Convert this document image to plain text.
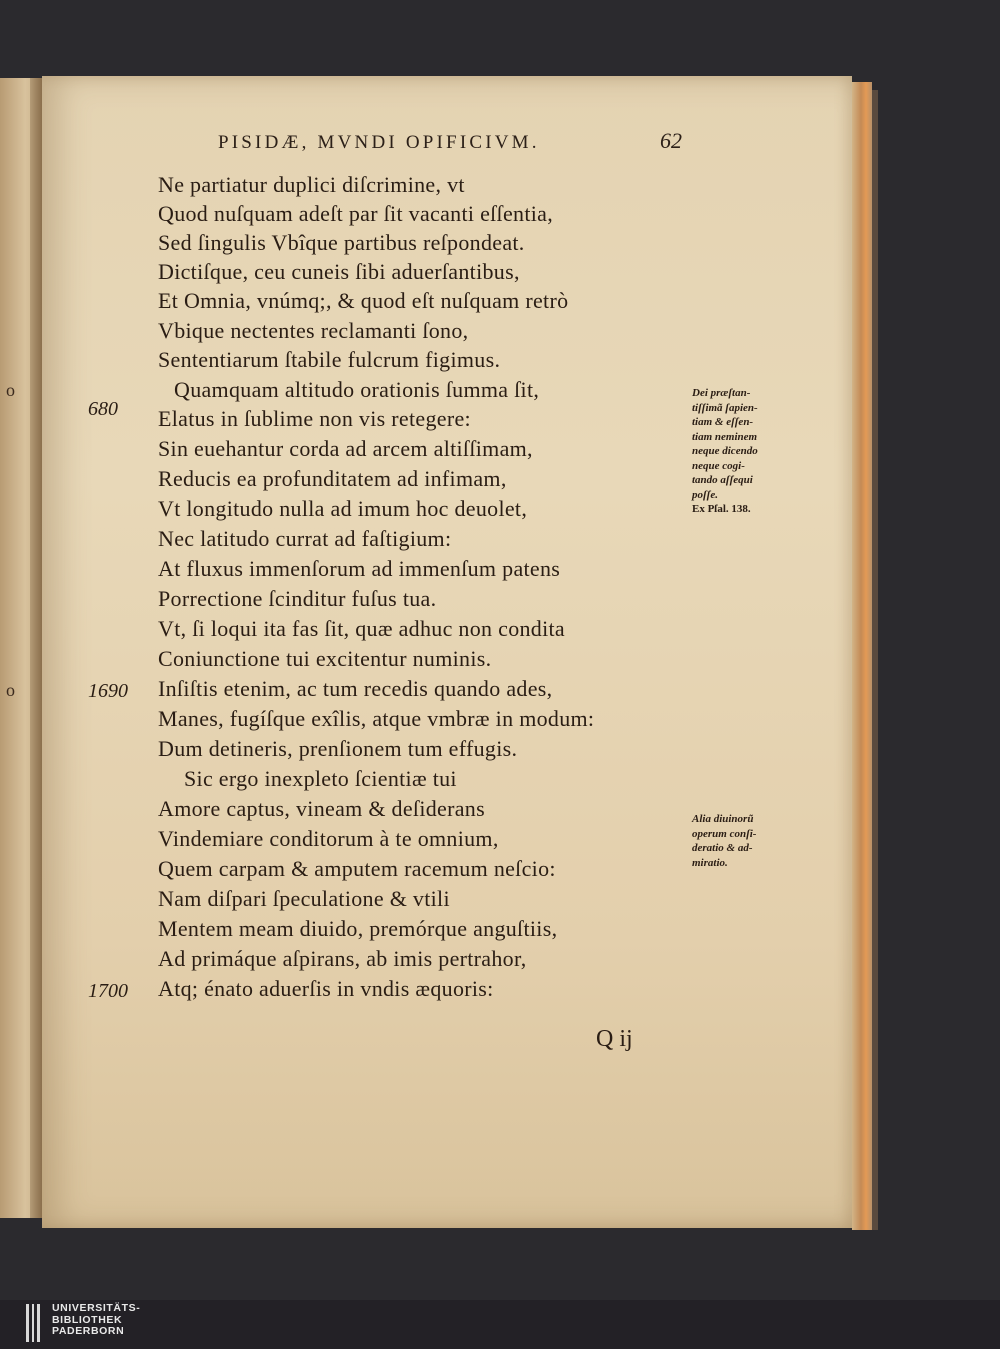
o
o
PISIDÆ, MVNDI OPIFICIVM.	62
Ne partiatur duplici diſcrimine, vt
Quod nuſquam adeſt par ſit vacanti eſſentia,
Sed ſingulis Vbîque partibus reſpondeat.
Dictiſque, ceu cuneis ſibi aduerſantibus,
Et Omnia, vnúmq;, & quod eſt nuſquam retrò
Vbique nectentes reclamanti ſono,
Sententiarum ſtabile fulcrum figimus.
Quamquam altitudo orationis ſumma ſit,
Elatus in ſublime non vis retegere:
Sin euehantur corda ad arcem altiſſimam,
Reducis ea profunditatem ad infimam,
Vt longitudo nulla ad imum hoc deuolet,
Nec latitudo currat ad faſtigium:
At fluxus immenſorum ad immenſum patens
Porrectione ſcinditur fuſus tua.
Vt, ſi loqui ita fas ſit, quæ adhuc non condita
Coniunctione tui excitentur numinis.
Inſiſtis etenim, ac tum recedis quando ades,
Manes, fugíſque exîlis, atque vmbræ in modum:
Dum detineris, prenſionem tum effugis.
Sic ergo inexpleto ſcientiæ tui
Amore captus, vineam & deſiderans
Vindemiare conditorum à te omnium,
Quem carpam & amputem racemum neſcio:
Nam diſpari ſpeculatione & vtili
Mentem meam diuido, premórque anguſtiis,
Ad primáque aſpirans, ab imis pertrahor,
Atq; énato aduerſis in vndis æquoris:
680
1690
1700
Dei præſtan-
tiſſimã ſapien-
tiam & eſſen-
tiam neminem
neque dicendo
neque cogi-
tando aſſequi
poſſe.
Ex Pſal. 138.
Alia diuinorũ
operum conſi-
deratio & ad-
miratio.
Q ij
UNIVERSITÄTS-
BIBLIOTHEK
PADERBORN
